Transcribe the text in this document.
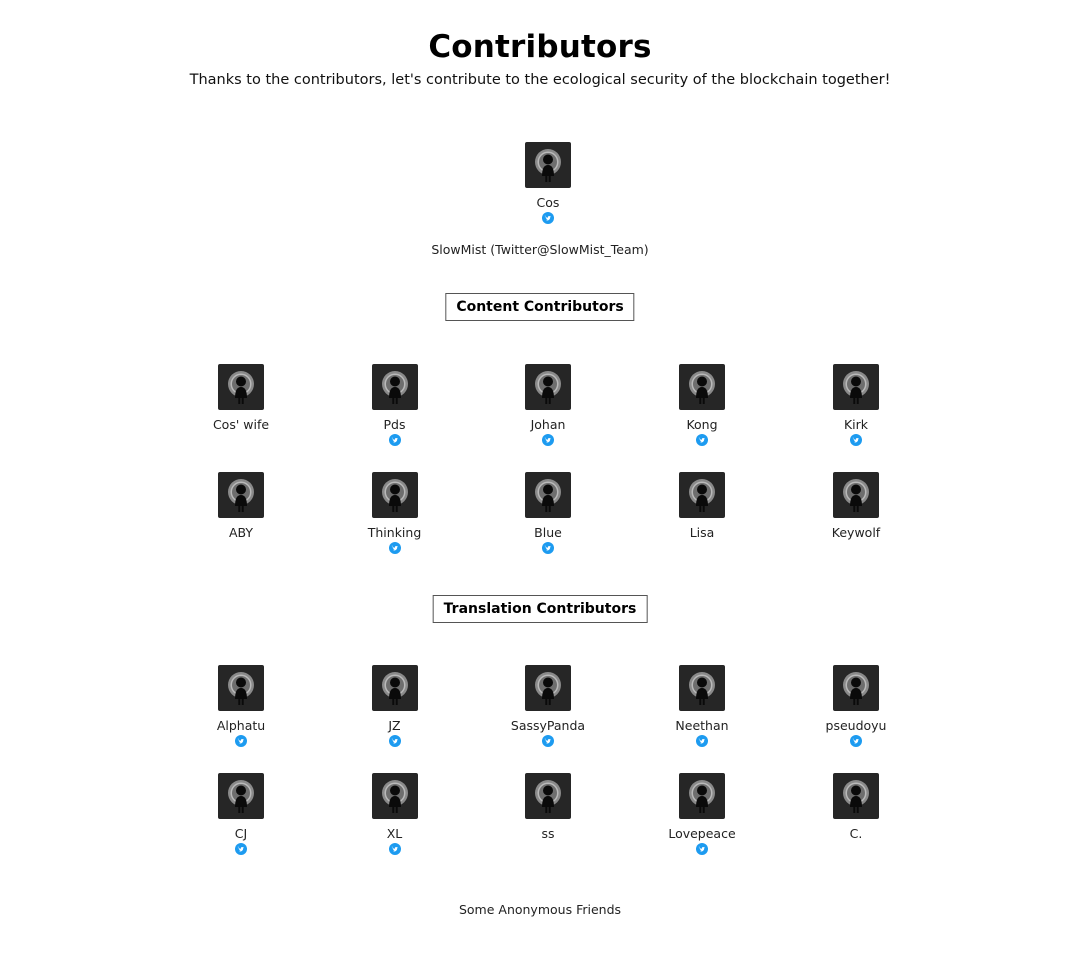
Contributors
Thanks to the contributors, let's contribute to the ecological security of the blockchain together!
Cos
SlowMist (Twitter@SlowMist_Team)
Content Contributors
Cos' wife	Pds	Johan	Kong	Kirk
ABY	Thinking	Blue	Lisa	Keywolf
Translation Contributors
Alphatu	JZ	SassyPanda	Neethan	pseudoyu
CJ	XL	ss	Lovepeace	C.
Some Anonymous Friends
